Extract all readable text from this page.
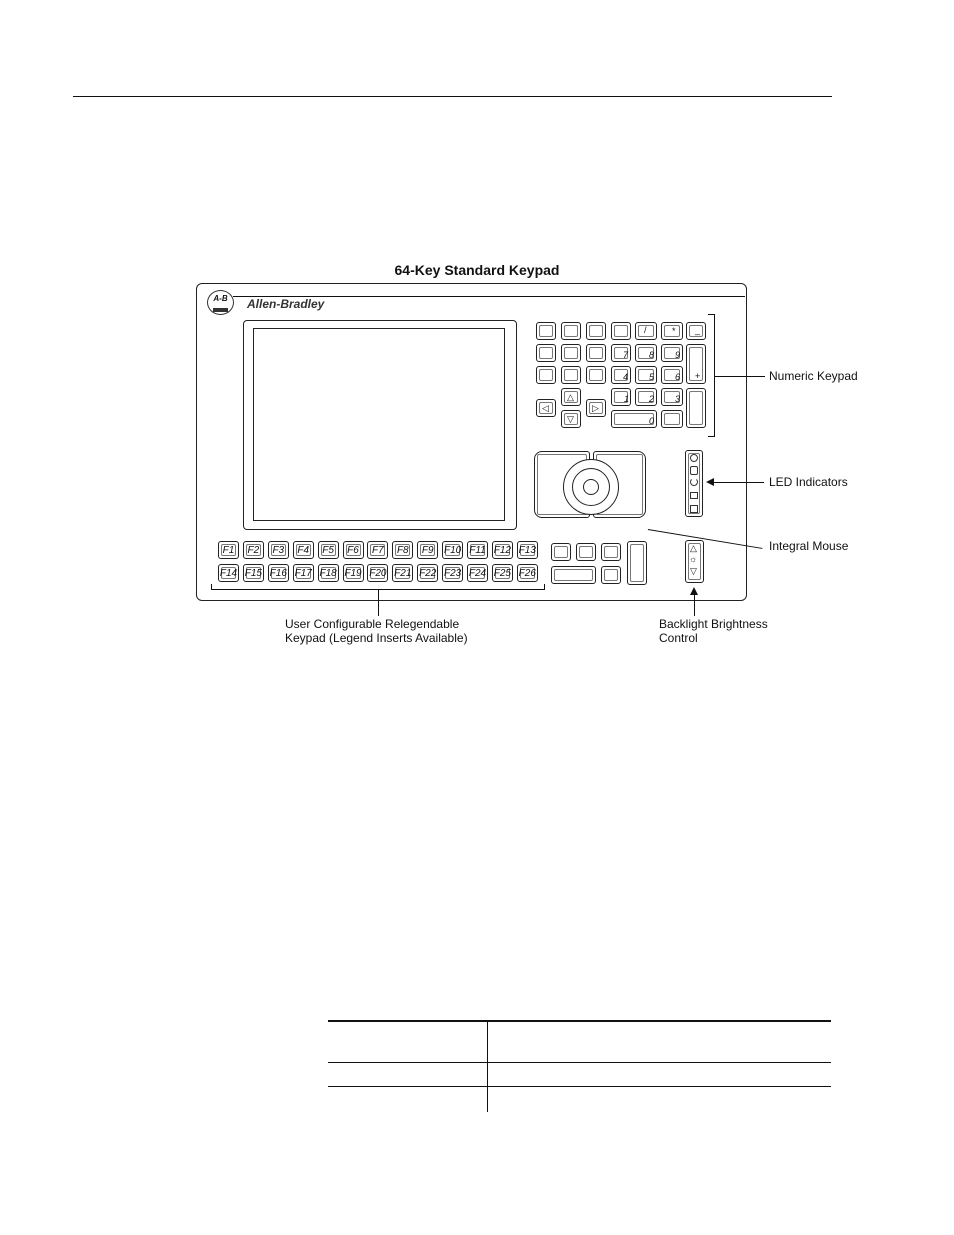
64-Key Standard Keypad
A-B	Allen-Bradley
F1 F2 F3 F4 F5 F6 F7 F8 F9 F10 F11 F12 F13
F14 F15 F16 F17 F18 F19 F20 F21 F22 F23 F24 F25 F26
/	* _
7 8 9
+
4 5 6
△	1 2 3
◁	▷
▽	0
Numeric Keypad
Integral Mouse
LED Indicators
△
☼
▽
Backlight Brightness
Control
User Configurable Relegendable
Keypad (Legend Inserts Available)
